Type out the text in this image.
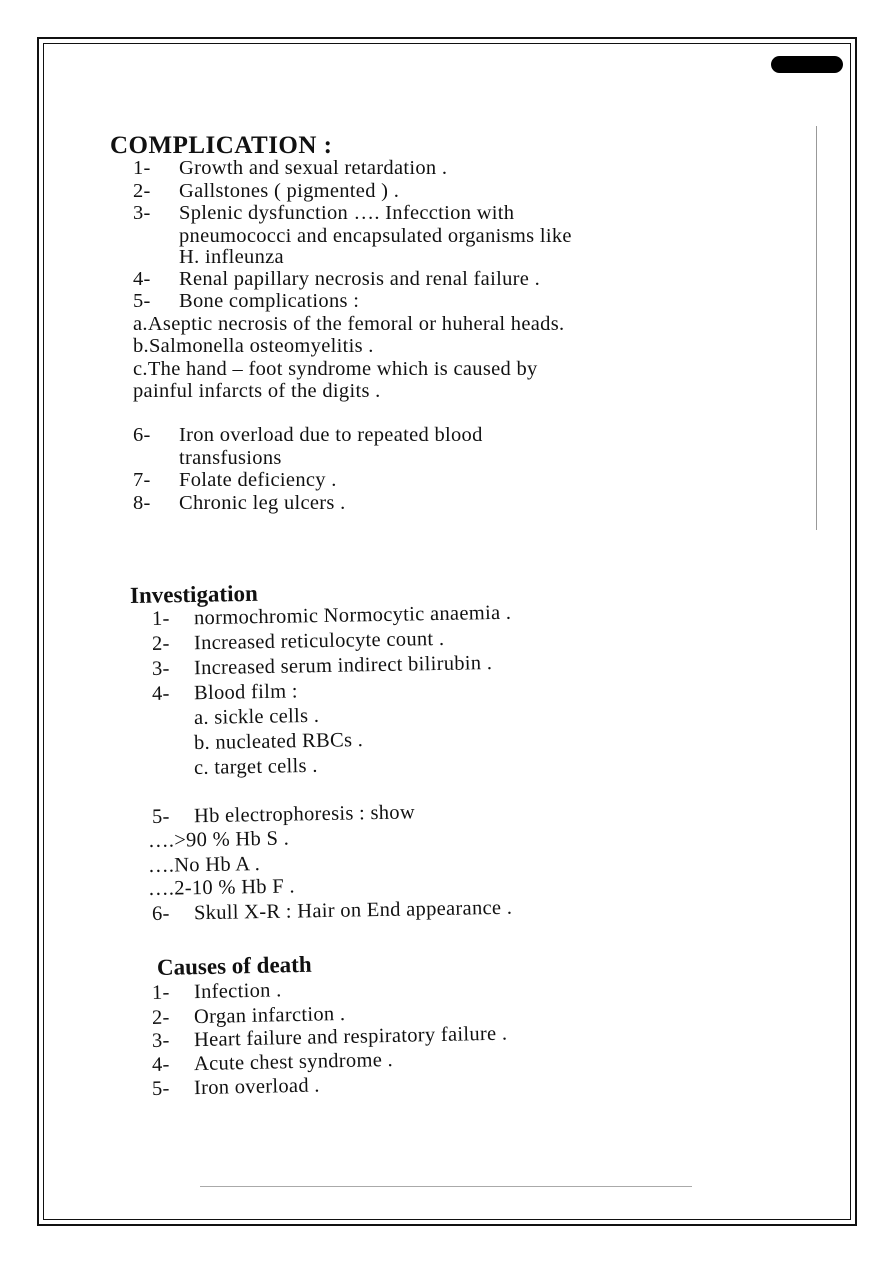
COMPLICATION :
1- Growth and sexual retardation .
2- Gallstones ( pigmented ) .
3- Splenic dysfunction …. Infecction with
pneumococci and encapsulated organisms like
H. infleunza
4- Renal papillary necrosis and renal failure .
5- Bone complications :
a.Aseptic necrosis of the femoral or huheral heads.
b.Salmonella osteomyelitis .
c.The hand – foot syndrome which is caused by
painful infarcts of the digits .
6- Iron overload due to repeated blood
transfusions
7- Folate deficiency .
8- Chronic leg ulcers .
Investigation
1- normochromic Normocytic anaemia .
2- Increased reticulocyte count .
3- Increased serum indirect bilirubin .
4- Blood film :
a. sickle cells .
b. nucleated RBCs .
c. target cells .
5- Hb electrophoresis : show
….>90 % Hb S .
….No Hb A .
….2-10 % Hb F .
6- Skull X-R : Hair on End appearance .
Causes of death
1- Infection .
2- Organ infarction .
3- Heart failure and respiratory failure .
4- Acute chest syndrome .
5- Iron overload .
